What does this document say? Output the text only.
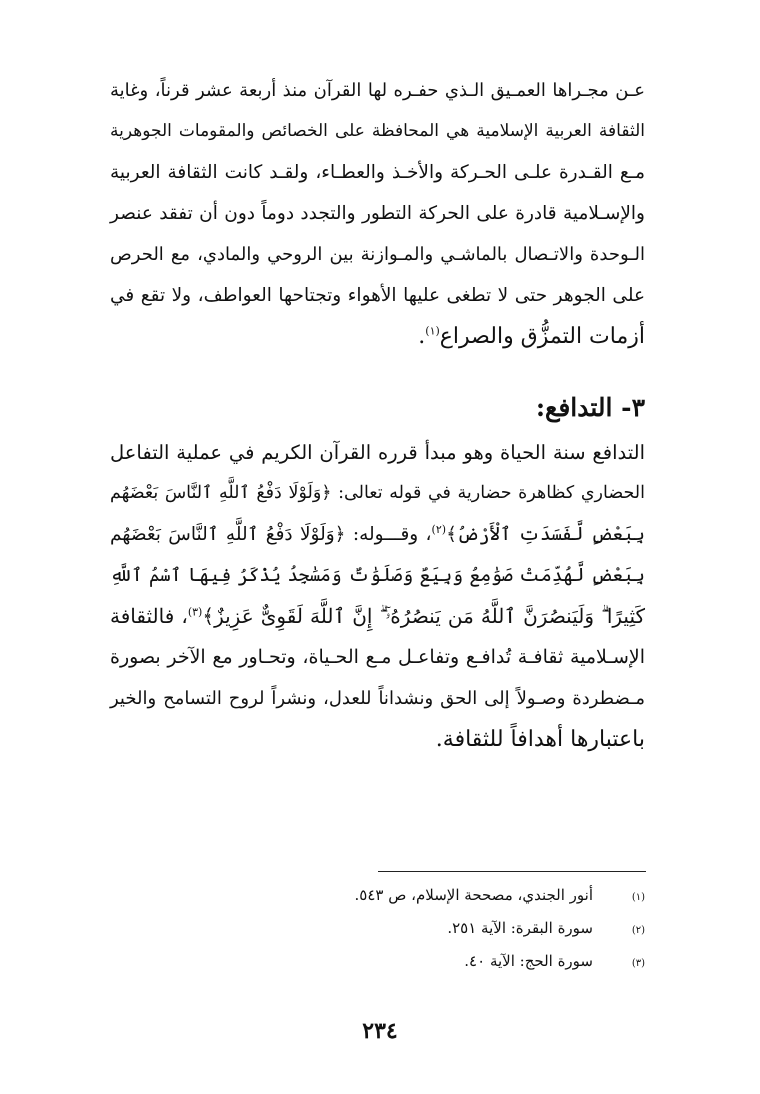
عـن مجـراها العمـيق الـذي حفـره لها القرآن منذ أربعة عشر قرناً، وغاية
الثقافة العربية الإسلامية هي المحافظة على الخصائص والمقومات الجوهرية
مـع القـدرة علـى الحـركة والأخـذ والعطـاء، ولقـد كانت الثقافة العربية
والإسـلامية قادرة على الحركة التطور والتجدد دوماً دون أن تفقد عنصر
الـوحدة والاتـصال بالماشـي والمـوازنة بين الروحي والمادي، مع الحرص
على الجوهر حتى لا تطغى عليها الأهواء وتجتاحها العواطف، ولا تقع في
أزمات التمزُّق والصراع$^{(١)}$.
٣- التدافع:
التدافع سنة الحياة وهو مبدأ قرره القرآن الكريم في عملية التفاعل
الحضاري كظاهرة حضارية في قوله تعالى: ﴿وَلَوْلَا دَفْعُ ٱللَّهِ ٱلنَّاسَ بَعْضَهُم
بِبَعْضٍ لَّفَسَدَتِ ٱلْأَرْضُ﴾$^{(٢)}$، وقـــوله: ﴿وَلَوْلَا دَفْعُ ٱللَّهِ ٱلنَّاسَ بَعْضَهُم
بِبَعْضٍ لَّهُدِّمَتْ صَوَٰمِعُ وَبِيَعٌ وَصَلَوَٰتٌ وَمَسَٰجِدُ يُذْكَرُ فِيهَا ٱسْمُ ٱللَّهِ
كَثِيرًا ۗ وَلَيَنصُرَنَّ ٱللَّهُ مَن يَنصُرُهُۥٓ ۗ إِنَّ ٱللَّهَ لَقَوِىٌّ عَزِيزٌ﴾$^{(٣)}$، فالثقافة
الإسـلامية ثقافـة تُدافـع وتفاعـل مـع الحـياة، وتحـاور مع الآخر بصورة
مـضطردة وصـولاً إلى الحق ونشداناً للعدل، ونشراً لروح التسامح والخير
باعتبارها أهدافاً للثقافة.
(١)
أنور الجندي، مصححة الإسلام، ص ٥٤٣.
(٢)
سورة البقرة: الآية ٢٥١.
(٣)
سورة الحج: الآية ٤٠.
٢٣٤
